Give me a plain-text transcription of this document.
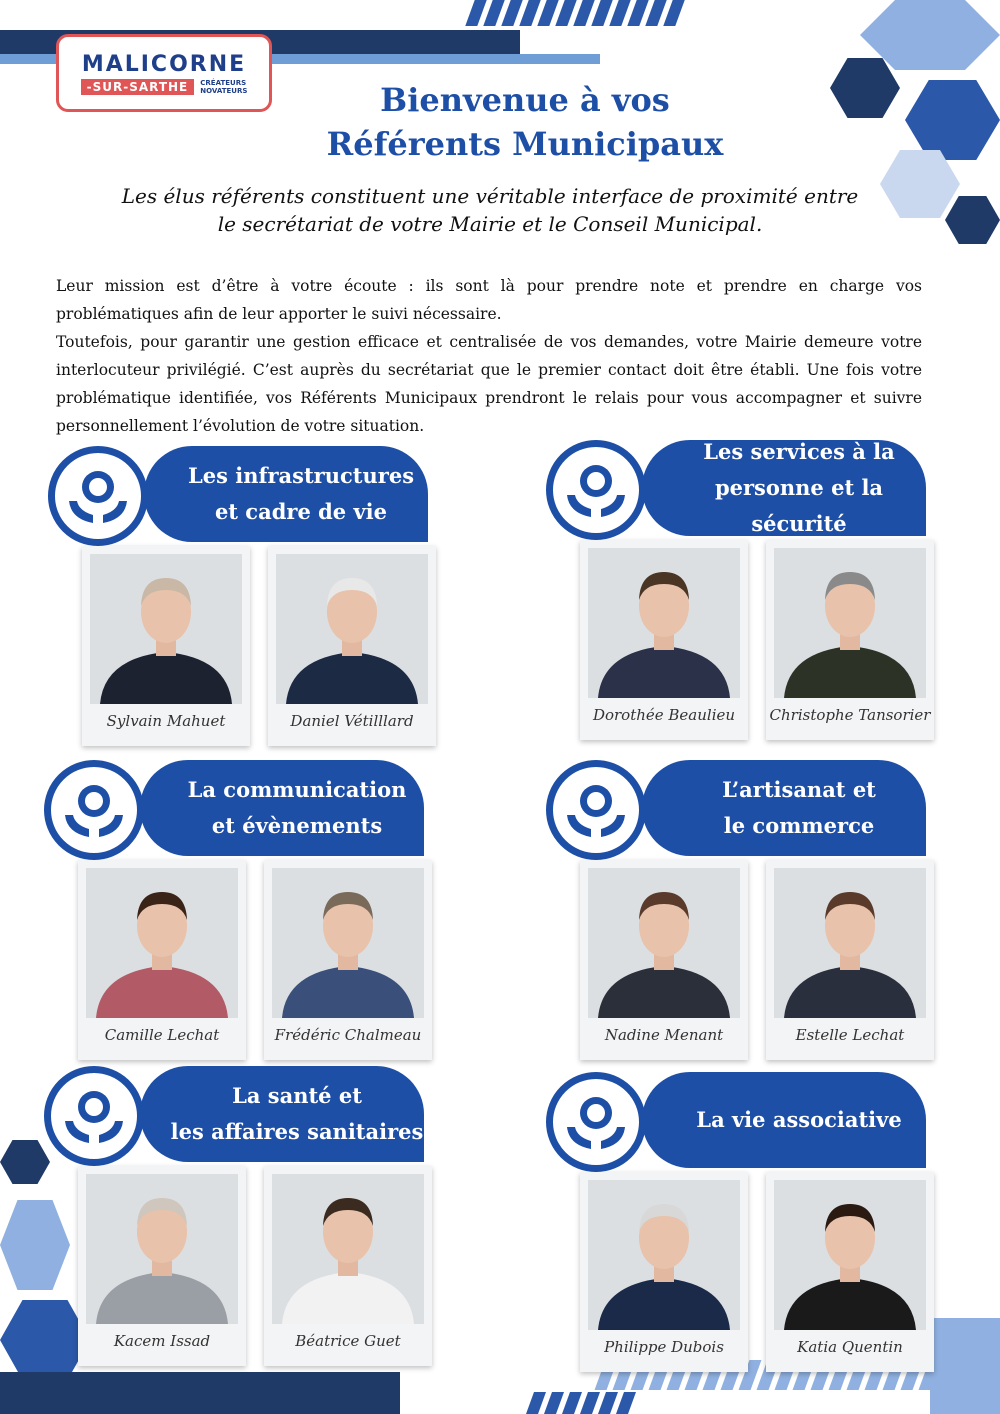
MALICORNE
-SUR-SARTHE	CRÉATEURS
NOVATEURS	Bienvenue à vos
Référents Municipaux
Les élus référents constituent une véritable interface de proximité entre
le secrétariat de votre Mairie et le Conseil Municipal.

Leur mission est d’être à votre écoute : ils sont là pour prendre note et prendre en charge vos problématiques afin de leur apporter le suivi nécessaire.

Toutefois, pour garantir une gestion efficace et centralisée de vos demandes, votre Mairie demeure votre interlocuteur privilégié. C’est auprès du secrétariat que le premier contact doit être établi. Une fois votre problématique identifiée, vos Référents Municipaux prendront le relais pour vous accompagner et suivre personnellement l’évolution de votre situation.

Les infrastructures
et cadre de vie
Sylvain Mahuet	Daniel Vétilllard
Les services à la
personne et la sécurité
Dorothée Beaulieu Christophe Tansorier
La communication
et évènements
Camille Lechat	Frédéric Chalmeau
L’artisanat et
le commerce
Nadine Menant	Estelle Lechat
La santé et
les affaires sanitaires
Kacem Issad	Béatrice Guet
La vie associative
Philippe Dubois	Katia Quentin
